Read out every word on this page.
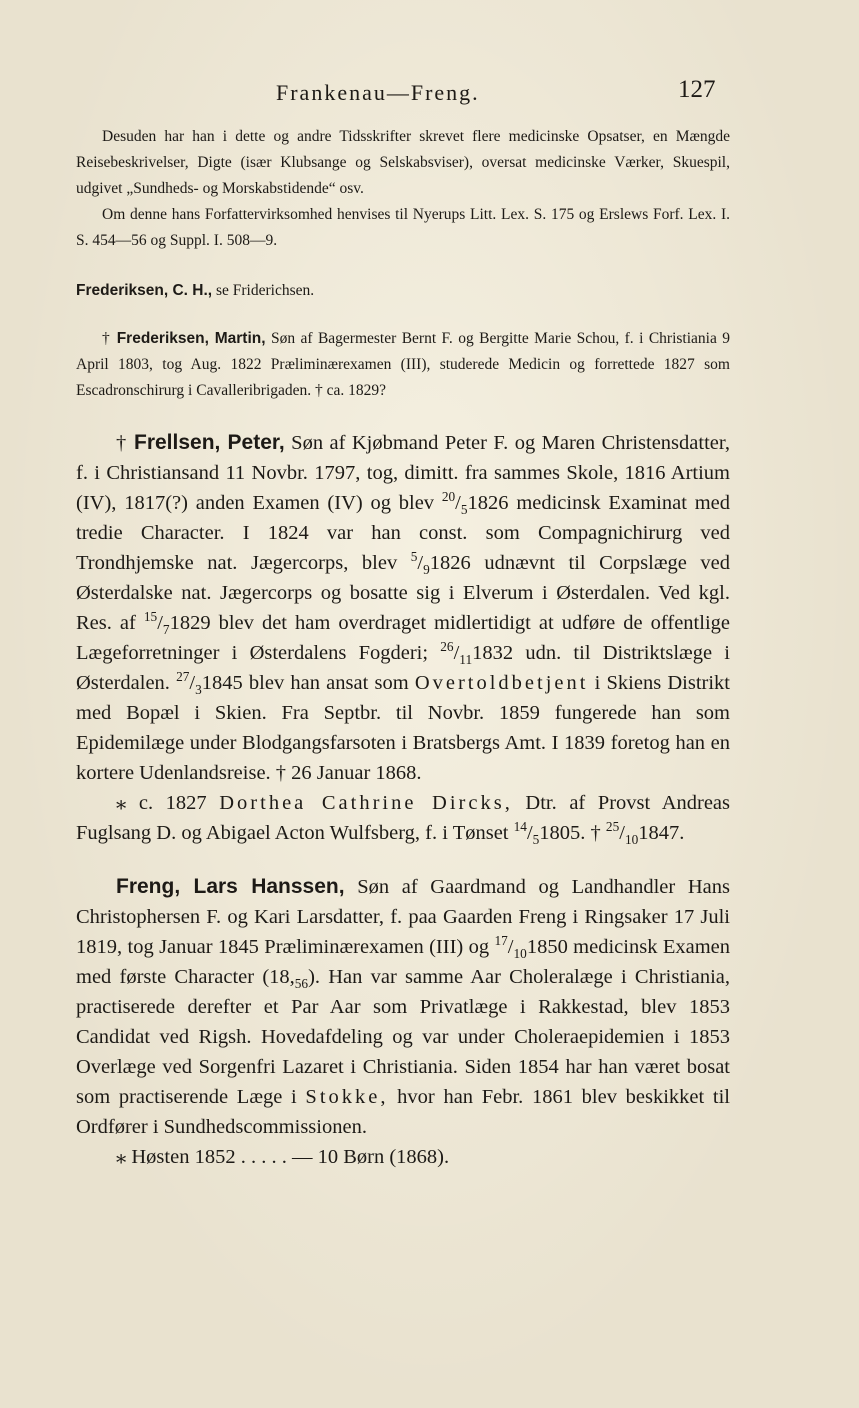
Frankenau—Freng.	127

Desuden har han i dette og andre Tidsskrifter skrevet flere medicinske Opsatser, en Mængde Reisebeskrivelser, Digte (især Klubsange og Selskabsviser), oversat medicinske Værker, Skuespil, udgivet „Sundheds- og Morskabstidende“ osv.

Om denne hans Forfattervirksomhed henvises til Nyerups Litt. Lex. S. 175 og Erslews Forf. Lex. I. S. 454—56 og Suppl. I. 508—9.

Frederiksen, C. H., se Friderichsen.

† Frederiksen, Martin, Søn af Bagermester Bernt F. og Bergitte Marie Schou, f. i Christiania 9 April 1803, tog Aug. 1822 Præliminærexamen (III), studerede Medicin og forrettede 1827 som Escadronschirurg i Cavalleribrigaden. † ca. 1829?

† Frellsen, Peter, Søn af Kjøbmand Peter F. og Maren Christensdatter, f. i Christiansand 11 Novbr. 1797, tog, dimitt. fra sammes Skole, 1816 Artium (IV), 1817(?) anden Examen (IV) og blev $^{20}/_51826$ medicinsk Examinat med tredie Character. I 1824 var han const. som Compagnichirurg ved Trondhjemske nat. Jægercorps, blev $^5/_91826$ udnævnt til Corpslæge ved Østerdalske nat. Jægercorps og bosatte sig i Elverum i Østerdalen. Ved kgl. Res. af $^{15}/_71829$ blev det ham overdraget midlertidigt at udføre de offentlige Lægeforretninger i Østerdalens Fogderi; $^{26}/_{11}1832$ udn. til Distriktslæge i Østerdalen. $^{27}/_31845$ blev han ansat som Overtoldbetjent i Skiens Distrikt med Bopæl i Skien. Fra Septbr. til Novbr. 1859 fungerede han som Epidemilæge under Blodgangsfarsoten i Bratsbergs Amt. I 1839 foretog han en kortere Udenlandsreise. † 26 Januar 1868.

⁎ c. 1827 Dorthea Cathrine Dircks, Dtr. af Provst Andreas Fuglsang D. og Abigael Acton Wulfsberg, f. i Tønset $^{14}/_51805$. † $^{25}/_{10}1847$.

Freng, Lars Hanssen, Søn af Gaardmand og Landhandler Hans Christophersen F. og Kari Larsdatter, f. paa Gaarden Freng i Ringsaker 17 Juli 1819, tog Januar 1845 Præliminærexamen (III) og $^{17}/_{10}1850$ medicinsk Examen med første Character $(18,_{56})$. Han var samme Aar Choleralæge i Christiania, practiserede derefter et Par Aar som Privatlæge i Rakkestad, blev 1853 Candidat ved Rigsh. Hovedafdeling og var under Choleraepidemien i 1853 Overlæge ved Sorgenfri Lazaret i Christiania. Siden 1854 har han været bosat som practiserende Læge i Stokke, hvor han Febr. 1861 blev beskikket til Ordfører i Sundhedscommissionen.

⁎ Høsten 1852 . . . . . — 10 Børn (1868).
